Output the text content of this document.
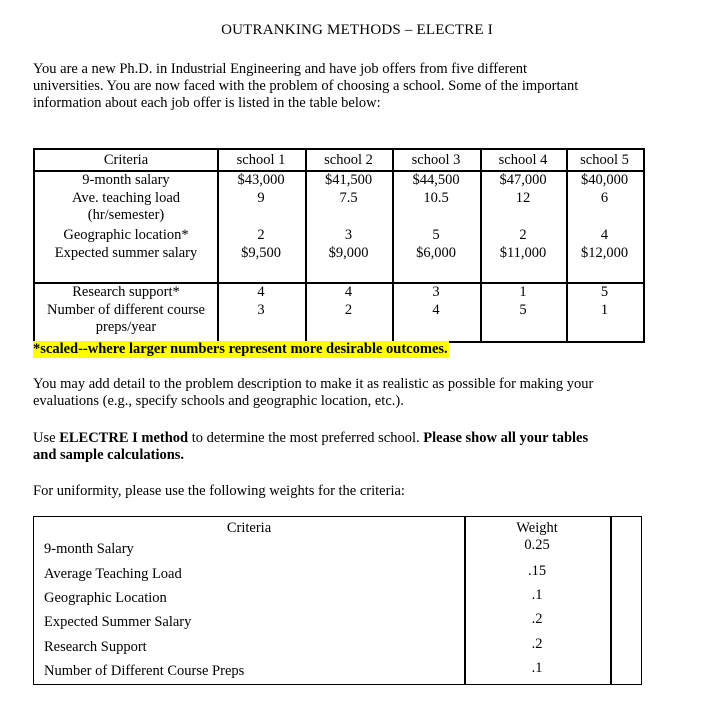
OUTRANKING METHODS – ELECTRE I
You are a new Ph.D. in Industrial Engineering and have job offers from five different
universities. You are now faced with the problem of choosing a school. Some of the important
information about each job offer is listed in the table below:
Criteria	school 1	school 2	school 3	school 4	school 5
9-month salary	$43,000	$41,500	$44,500	$47,000	$40,000
Ave. teaching load
(hr/semester)
9	7.5	10.5	12	6
Geographic location*	2	3	5	2	4
Expected summer salary	$9,500	$9,000	$6,000	$11,000	$12,000
Research support*	4	4	3	1	5
Number of different course
preps/year
3	2	4	5	1
*scaled--where larger numbers represent more desirable outcomes.
You may add detail to the problem description to make it as realistic as possible for making your
evaluations (e.g., specify schools and geographic location, etc.).
Use ELECTRE I method to determine the most preferred school. Please show all your tables
and sample calculations.
For uniformity, please use the following weights for the criteria:
Criteria	Weight
9-month Salary	0.25
Average Teaching Load	.15
Geographic Location	.1
Expected Summer Salary	.2
Research Support	.2
Number of Different Course Preps	.1
